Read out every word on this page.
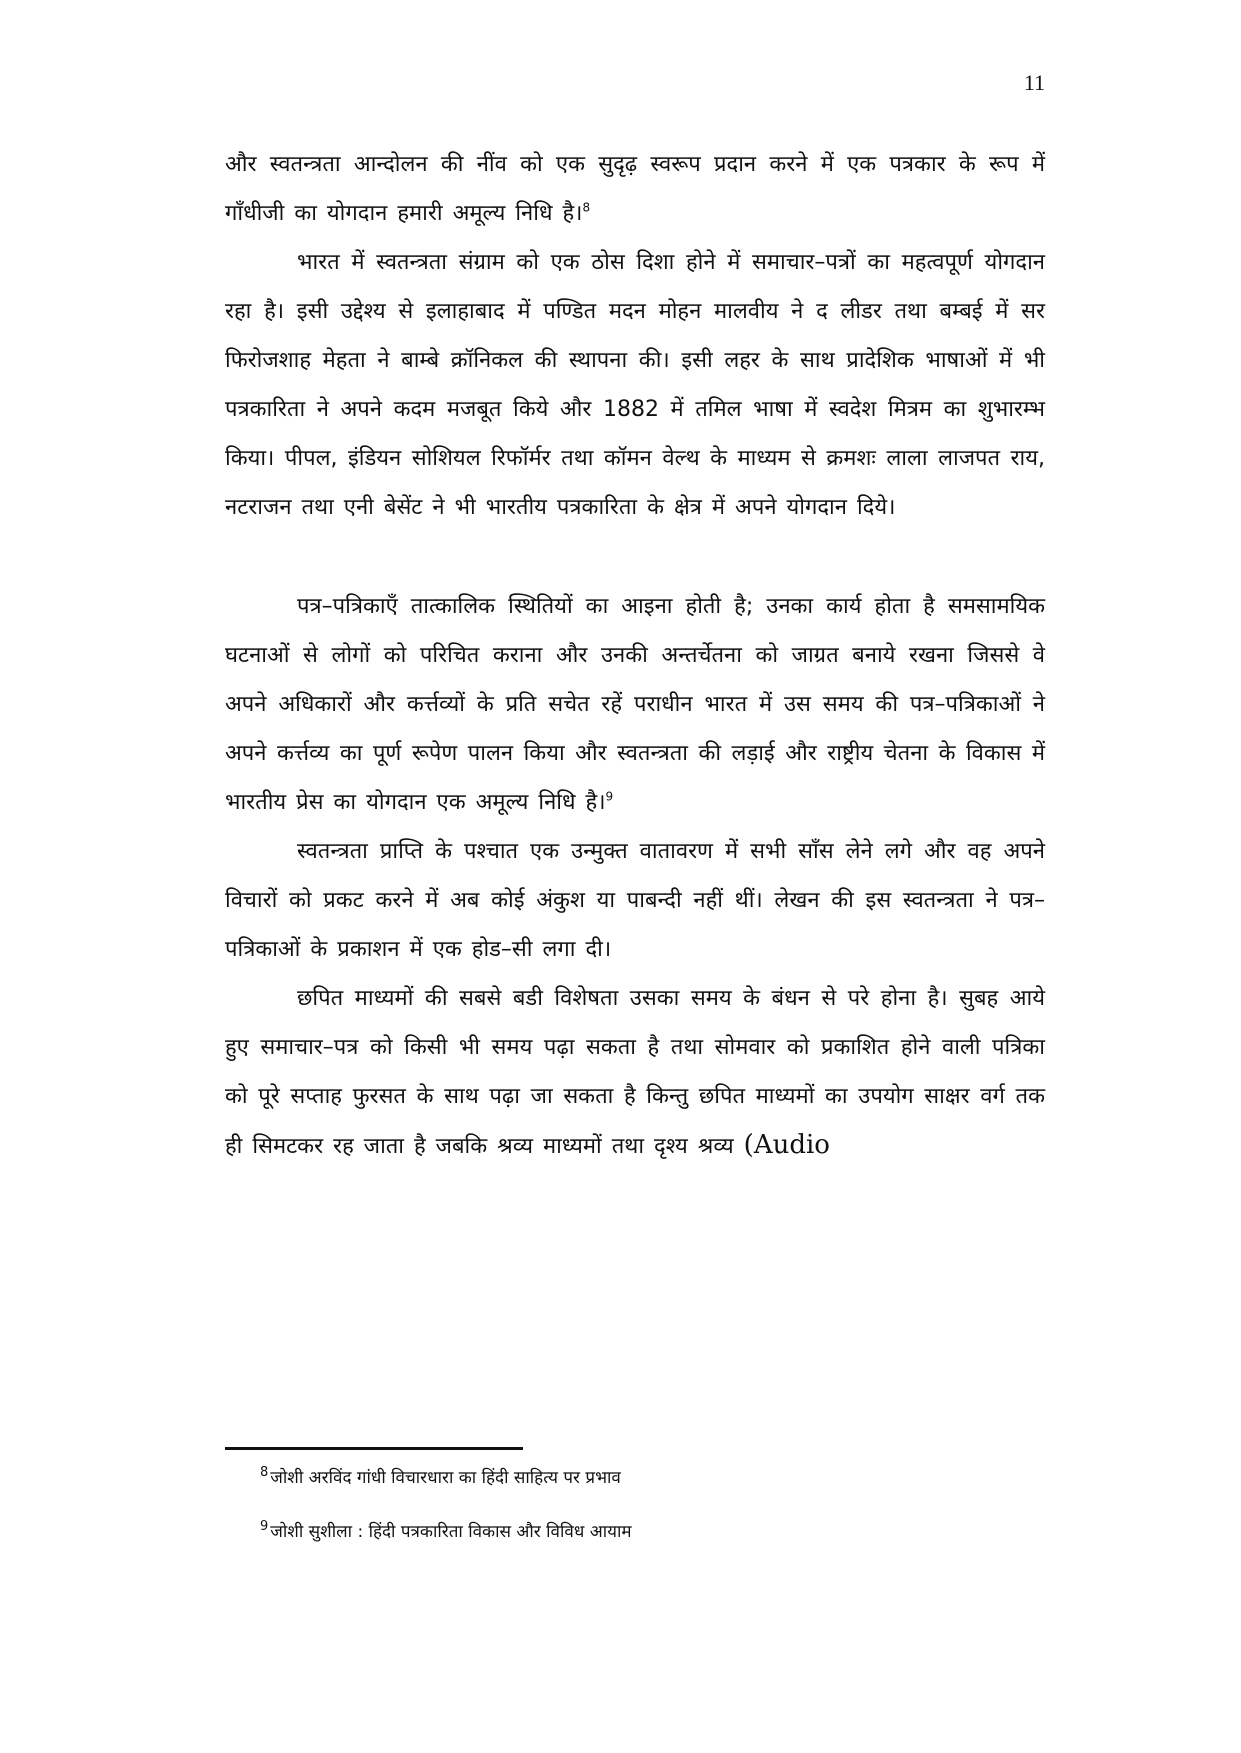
11

और स्वतन्त्रता आन्दोलन की नींव को एक सुदृढ़ स्वरूप प्रदान करने में एक पत्रकार के रूप में गाँधीजी का योगदान हमारी अमूल्य निधि है।$^8$

भारत में स्वतन्त्रता संग्राम को एक ठोस दिशा होने में समाचार–पत्रों का महत्वपूर्ण योगदान रहा है। इसी उद्देश्य से इलाहाबाद में पण्डित मदन मोहन मालवीय ने द लीडर तथा बम्बई में सर फिरोजशाह मेहता ने बाम्बे क्रॉनिकल की स्थापना की। इसी लहर के साथ प्रादेशिक भाषाओं में भी पत्रकारिता ने अपने कदम मजबूत किये और 1882 में तमिल भाषा में स्वदेश मित्रम का शुभारम्भ किया। पीपल, इंडियन सोशियल रिफॉर्मर तथा कॉमन वेल्थ के माध्यम से क्रमशः लाला लाजपत राय, नटराजन तथा एनी बेसेंट ने भी भारतीय पत्रकारिता के क्षेत्र में अपने योगदान दिये।

पत्र–पत्रिकाएँ तात्कालिक स्थितियों का आइना होती है; उनका कार्य होता है समसामयिक घटनाओं से लोगों को परिचित कराना और उनकी अन्तर्चेतना को जाग्रत बनाये रखना जिससे वे अपने अधिकारों और कर्त्तव्यों के प्रति सचेत रहें पराधीन भारत में उस समय की पत्र–पत्रिकाओं ने अपने कर्त्तव्य का पूर्ण रूपेण पालन किया और स्वतन्त्रता की लड़ाई और राष्ट्रीय चेतना के विकास में भारतीय प्रेस का योगदान एक अमूल्य निधि है।$^9$

स्वतन्त्रता प्राप्ति के पश्चात एक उन्मुक्त वातावरण में सभी साँस लेने लगे और वह अपने विचारों को प्रकट करने में अब कोई अंकुश या पाबन्दी नहीं थीं। लेखन की इस स्वतन्त्रता ने पत्र–पत्रिकाओं के प्रकाशन में एक होड–सी लगा दी।

छपित माध्यमों की सबसे बडी विशेषता उसका समय के बंधन से परे होना है। सुबह आये हुए समाचार–पत्र को किसी भी समय पढ़ा सकता है तथा सोमवार को प्रकाशित होने वाली पत्रिका को पूरे सप्ताह फुरसत के साथ पढ़ा जा सकता है किन्तु छपित माध्यमों का उपयोग साक्षर वर्ग तक ही सिमटकर रह जाता है जबकि श्रव्य माध्यमों तथा दृश्य श्रव्य (Audio

$^8$ जोशी अरविंद गांधी विचारधारा का हिंदी साहित्य पर प्रभाव

$^9$ जोशी सुशीला : हिंदी पत्रकारिता विकास और विविध आयाम
